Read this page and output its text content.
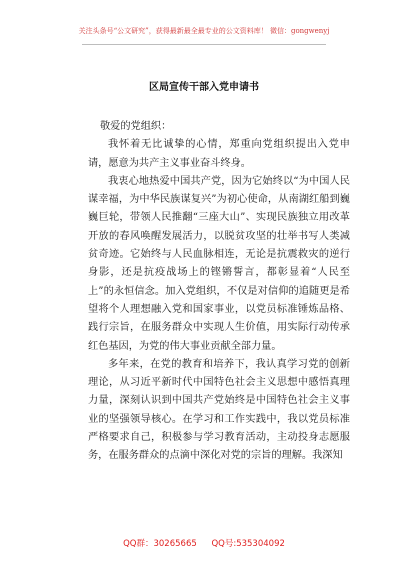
关注头条号“公文研究”，获得最新最全最专业的公文资料库！ 微信：gongwenyj
区局宣传干部入党申请书

敬爱的党组织：

我怀着无比诚挚的心情，郑重向党组织提出入党申请，愿意为共产主义事业奋斗终身。

我衷心地热爱中国共产党，因为它始终以“为中国人民谋幸福，为中华民族谋复兴”为初心使命，从南湖红船到巍巍巨轮，带领人民推翻“三座大山”、实现民族独立用改革开放的春风唤醒发展活力，以脱贫攻坚的壮举书写人类减贫奇迹。它始终与人民血脉相连，无论是抗震救灾的逆行身影，还是抗疫战场上的铿锵誓言，都彰显着“人民至上”的永恒信念。加入党组织，不仅是对信仰的追随更是希望将个人理想融入党和国家事业，以党员标准锤炼品格、践行宗旨，在服务群众中实现人生价值，用实际行动传承红色基因，为党的伟大事业贡献全部力量。

多年来，在党的教育和培养下，我认真学习党的创新理论，从习近平新时代中国特色社会主义思想中感悟真理力量，深刻认识到中国共产党始终是中国特色社会主义事业的坚强领导核心。在学习和工作实践中，我以党员标准严格要求自己，积极参与学习教育活动，主动投身志愿服务，在服务群众的点滴中深化对党的宗旨的理解。我深知

QQ群：30265665 QQ号:535304092
